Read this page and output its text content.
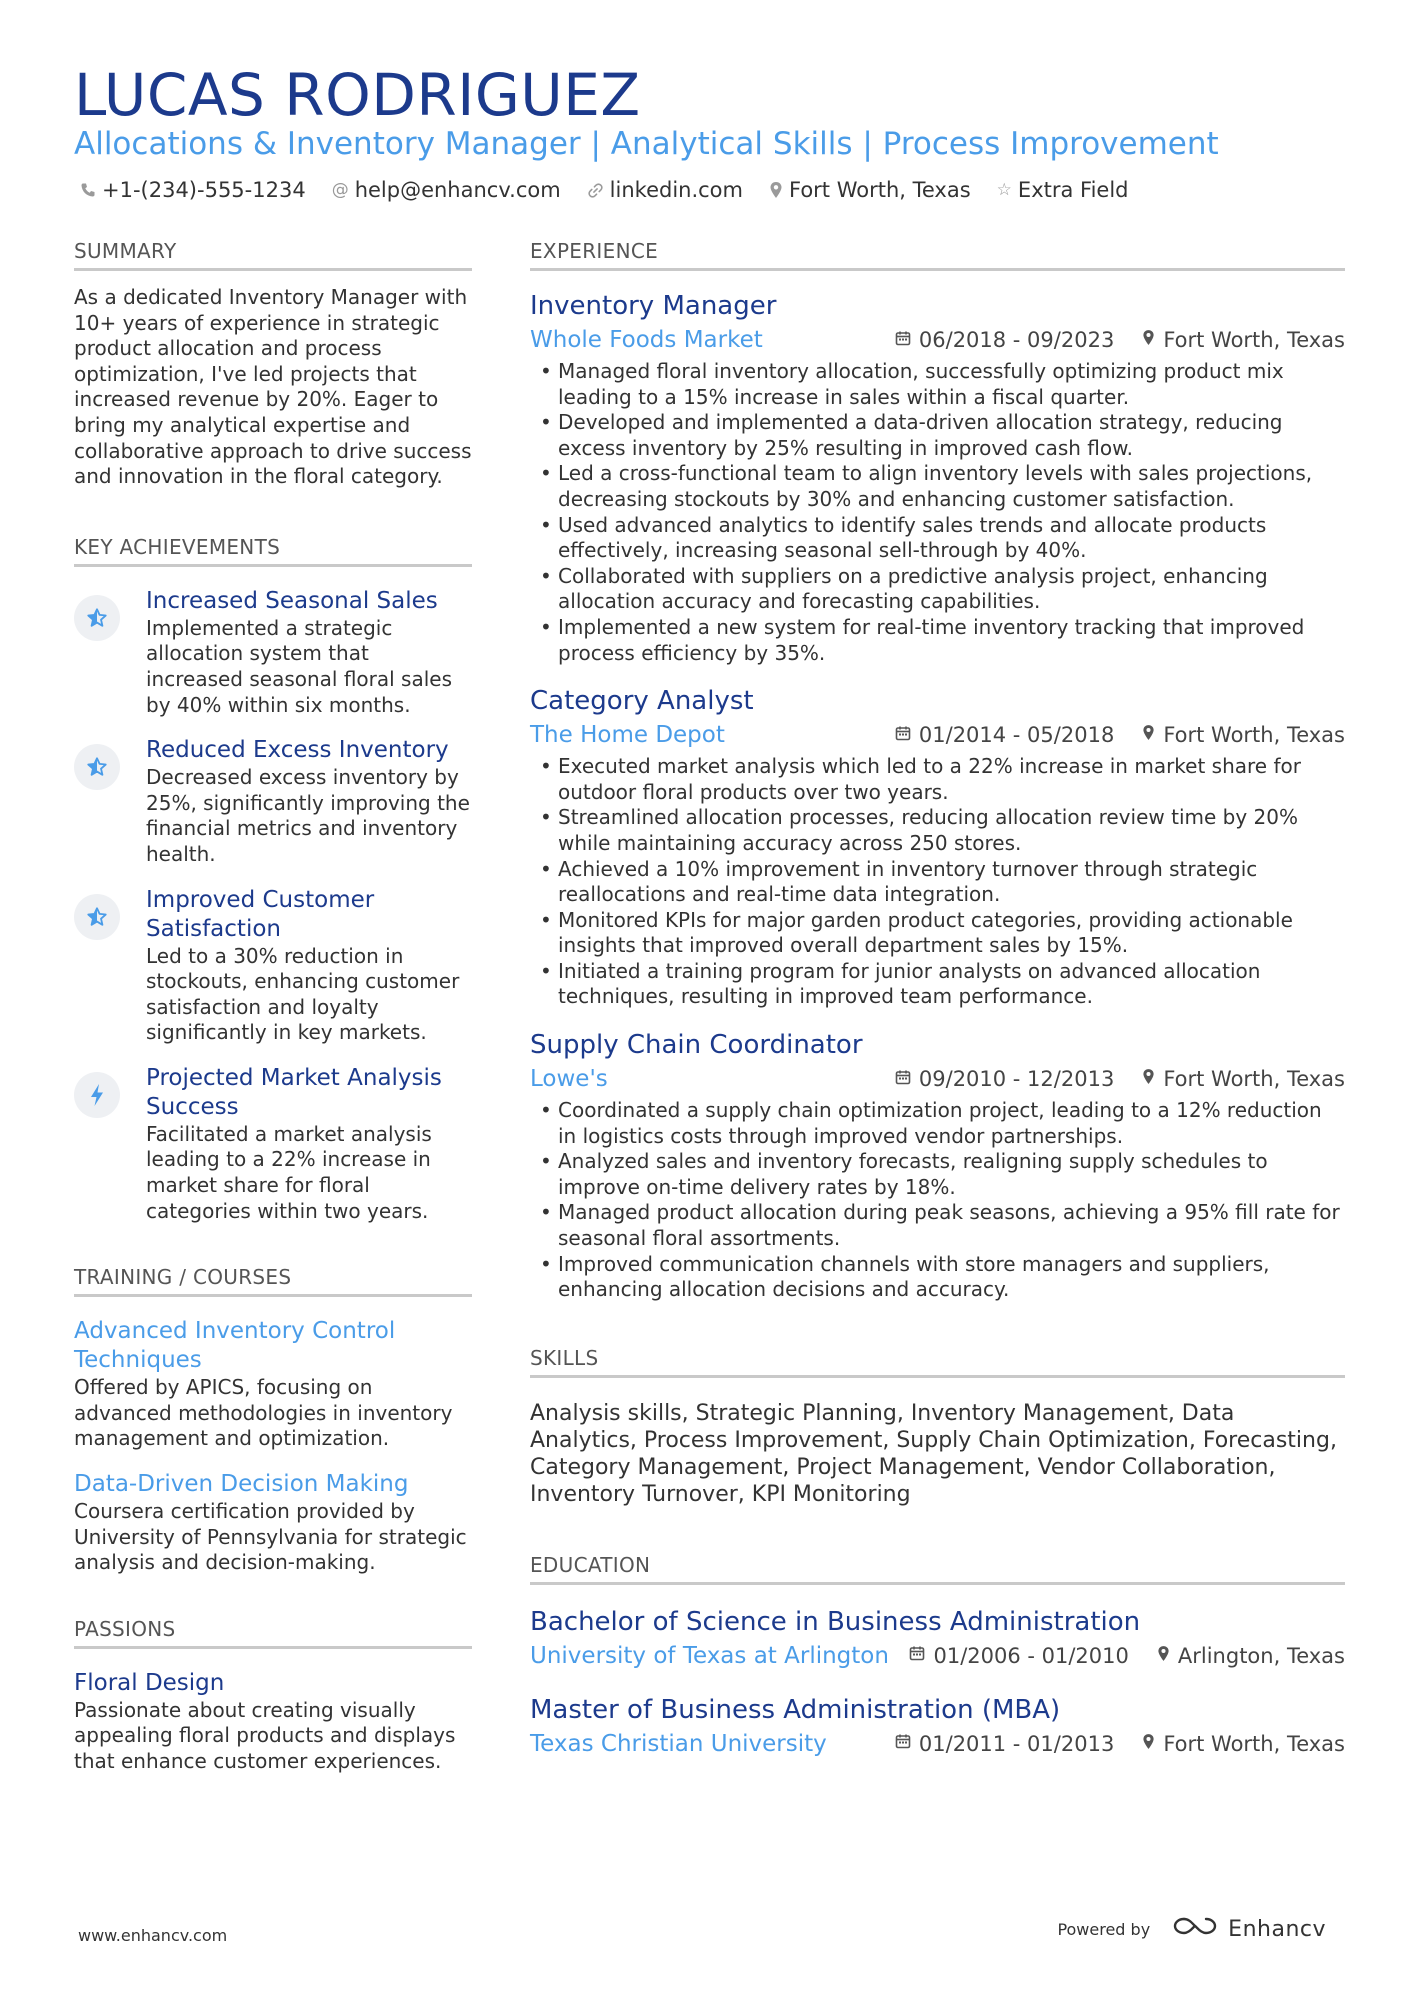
LUCAS RODRIGUEZ
Allocations & Inventory Manager | Analytical Skills | Process Improvement
+1-(234)-555-1234 @ help@enhancv.com linkedin.com Fort Worth, Texas ☆ Extra Field
SUMMARY

As a dedicated Inventory Manager with 10+ years of experience in strategic product allocation and process optimization, I've led projects that increased revenue by 20%. Eager to bring my analytical expertise and collaborative approach to drive success and innovation in the floral category.

KEY ACHIEVEMENTS
Increased Seasonal Sales

Implemented a strategic allocation system that increased seasonal floral sales by 40% within six months.

Reduced Excess Inventory

Decreased excess inventory by 25%, significantly improving the financial metrics and inventory health.

Improved Customer Satisfaction

Led to a 30% reduction in stockouts, enhancing customer satisfaction and loyalty significantly in key markets.

Projected Market Analysis Success

Facilitated a market analysis leading to a 22% increase in market share for floral categories within two years.

TRAINING / COURSES
Advanced Inventory Control Techniques

Offered by APICS, focusing on advanced methodologies in inventory management and optimization.

Data-Driven Decision Making

Coursera certification provided by University of Pennsylvania for strategic analysis and decision-making.

PASSIONS
Floral Design

Passionate about creating visually appealing floral products and displays that enhance customer experiences.

EXPERIENCE
Inventory Manager
Whole Foods Market	06/2018 - 09/2023 Fort Worth, Texas
• Managed floral inventory allocation, successfully optimizing product mix leading to a 15% increase in sales within a fiscal quarter.
• Developed and implemented a data-driven allocation strategy, reducing excess inventory by 25% resulting in improved cash flow.
• Led a cross-functional team to align inventory levels with sales projections, decreasing stockouts by 30% and enhancing customer satisfaction.
• Used advanced analytics to identify sales trends and allocate products effectively, increasing seasonal sell-through by 40%.
• Collaborated with suppliers on a predictive analysis project, enhancing allocation accuracy and forecasting capabilities.
• Implemented a new system for real-time inventory tracking that improved process efficiency by 35%.
Category Analyst
The Home Depot	01/2014 - 05/2018 Fort Worth, Texas
• Executed market analysis which led to a 22% increase in market share for outdoor floral products over two years.
• Streamlined allocation processes, reducing allocation review time by 20% while maintaining accuracy across 250 stores.
• Achieved a 10% improvement in inventory turnover through strategic reallocations and real-time data integration.
• Monitored KPIs for major garden product categories, providing actionable insights that improved overall department sales by 15%.
• Initiated a training program for junior analysts on advanced allocation techniques, resulting in improved team performance.
Supply Chain Coordinator
Lowe's	09/2010 - 12/2013 Fort Worth, Texas
• Coordinated a supply chain optimization project, leading to a 12% reduction in logistics costs through improved vendor partnerships.
• Analyzed sales and inventory forecasts, realigning supply schedules to improve on-time delivery rates by 18%.
• Managed product allocation during peak seasons, achieving a 95% fill rate for seasonal floral assortments.
• Improved communication channels with store managers and suppliers, enhancing allocation decisions and accuracy.
SKILLS

Analysis skills, Strategic Planning, Inventory Management, Data Analytics, Process Improvement, Supply Chain Optimization, Forecasting, Category Management, Project Management, Vendor Collaboration, Inventory Turnover, KPI Monitoring

EDUCATION
Bachelor of Science in Business Administration
University of Texas at Arlington 01/2006 - 01/2010 Arlington, Texas
Master of Business Administration (MBA)
Texas Christian University	01/2011 - 01/2013 Fort Worth, Texas
www.enhancv.com	Powered by	Enhancv
